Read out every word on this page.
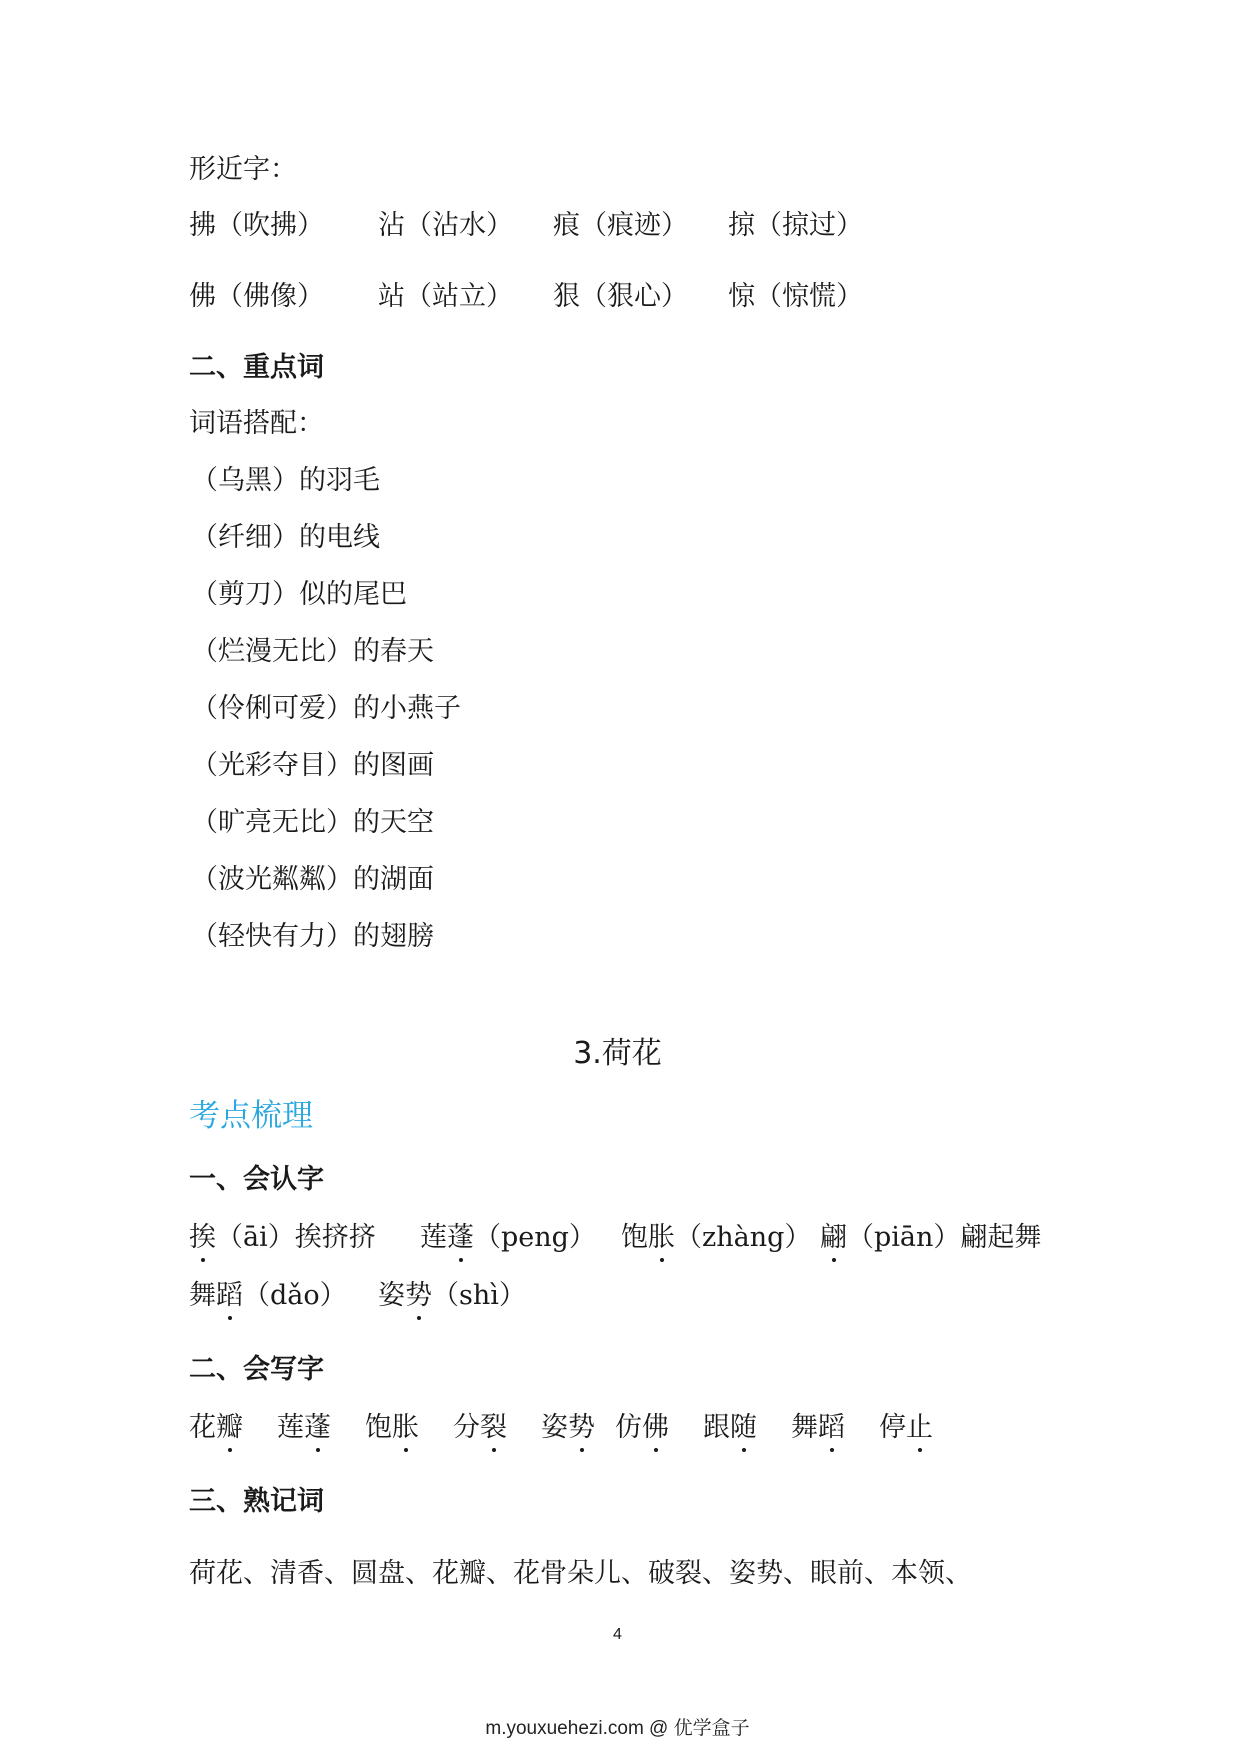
形近字：
拂（吹拂） 沾（沾水） 痕（痕迹） 掠（掠过）
佛（佛像） 站（站立） 狠（狠心） 惊（惊慌）
二、重点词
词语搭配：
（乌黑）的羽毛
（纤细）的电线
（剪刀）似的尾巴
（烂漫无比）的春天
（伶俐可爱）的小燕子
（光彩夺目）的图画
（旷亮无比）的天空
（波光粼粼）的湖面
（轻快有力）的翅膀
3.荷花
考点梳理
一、会认字
挨（āi）挨挤挤 莲蓬（peng） 饱胀（zhàng） 翩（piān）翩起舞
舞蹈（dǎo） 姿势（shì）
二、会写字
花瓣 莲蓬 饱胀 分裂 姿势 仿佛 跟随 舞蹈 停止
三、熟记词
荷花、清香、圆盘、花瓣、花骨朵儿、破裂、姿势、眼前、本领、
4
m.youxuehezi.com @ 优学盒子
